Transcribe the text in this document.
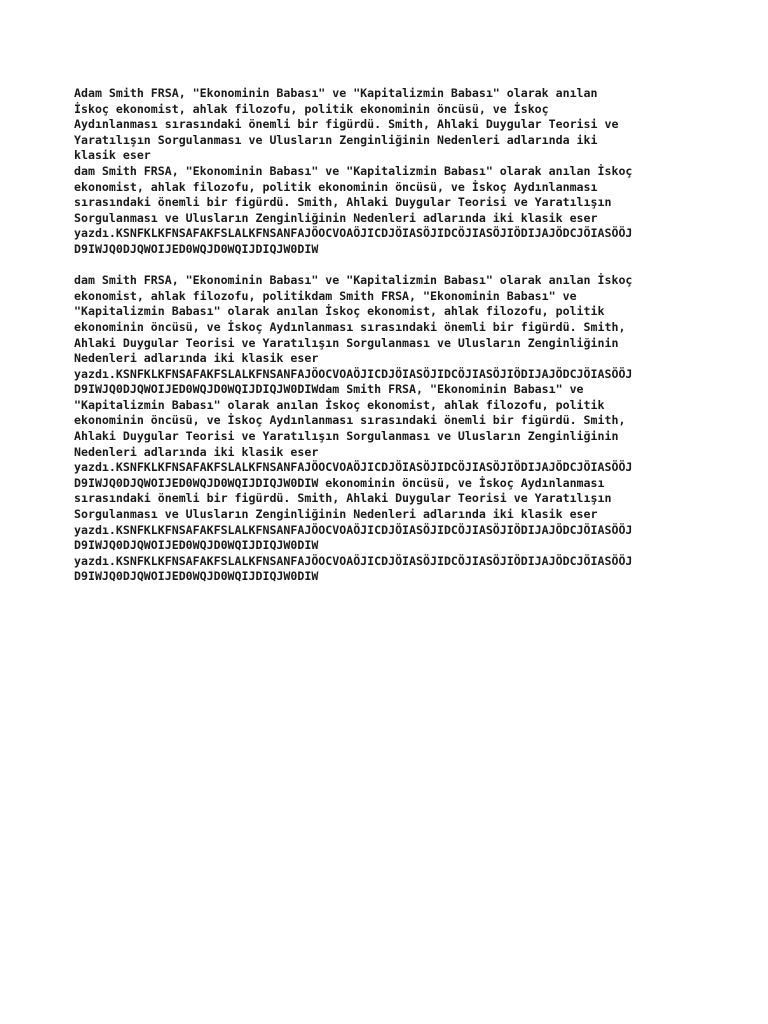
Adam Smith FRSA, "Ekonominin Babası" ve "Kapitalizmin Babası" olarak anılan
İskoç ekonomist, ahlak filozofu, politik ekonominin öncüsü, ve İskoç
Aydınlanması sırasındaki önemli bir figürdü. Smith, Ahlaki Duygular Teorisi ve
Yaratılışın Sorgulanması ve Ulusların Zenginliğinin Nedenleri adlarında iki
klasik eser
dam Smith FRSA, "Ekonominin Babası" ve "Kapitalizmin Babası" olarak anılan İskoç
ekonomist, ahlak filozofu, politik ekonominin öncüsü, ve İskoç Aydınlanması
sırasındaki önemli bir figürdü. Smith, Ahlaki Duygular Teorisi ve Yaratılışın
Sorgulanması ve Ulusların Zenginliğinin Nedenleri adlarında iki klasik eser
yazdı.KSNFKLKFNSAFAKFSLALKFNSANFAJÖOCVOAÖJICDJÖIASÖJIDCÖJIASÖJIÖDIJAJÖDCJÖIASÖÖJ
D9IWJQ0DJQWOIJED0WQJD0WQIJDIQJW0DIW
dam Smith FRSA, "Ekonominin Babası" ve "Kapitalizmin Babası" olarak anılan İskoç
ekonomist, ahlak filozofu, politikdam Smith FRSA, "Ekonominin Babası" ve
"Kapitalizmin Babası" olarak anılan İskoç ekonomist, ahlak filozofu, politik
ekonominin öncüsü, ve İskoç Aydınlanması sırasındaki önemli bir figürdü. Smith,
Ahlaki Duygular Teorisi ve Yaratılışın Sorgulanması ve Ulusların Zenginliğinin
Nedenleri adlarında iki klasik eser
yazdı.KSNFKLKFNSAFAKFSLALKFNSANFAJÖOCVOAÖJICDJÖIASÖJIDCÖJIASÖJIÖDIJAJÖDCJÖIASÖÖJ
D9IWJQ0DJQWOIJED0WQJD0WQIJDIQJW0DIWdam Smith FRSA, "Ekonominin Babası" ve
"Kapitalizmin Babası" olarak anılan İskoç ekonomist, ahlak filozofu, politik
ekonominin öncüsü, ve İskoç Aydınlanması sırasındaki önemli bir figürdü. Smith,
Ahlaki Duygular Teorisi ve Yaratılışın Sorgulanması ve Ulusların Zenginliğinin
Nedenleri adlarında iki klasik eser
yazdı.KSNFKLKFNSAFAKFSLALKFNSANFAJÖOCVOAÖJICDJÖIASÖJIDCÖJIASÖJIÖDIJAJÖDCJÖIASÖÖJ
D9IWJQ0DJQWOIJED0WQJD0WQIJDIQJW0DIW ekonominin öncüsü, ve İskoç Aydınlanması
sırasındaki önemli bir figürdü. Smith, Ahlaki Duygular Teorisi ve Yaratılışın
Sorgulanması ve Ulusların Zenginliğinin Nedenleri adlarında iki klasik eser
yazdı.KSNFKLKFNSAFAKFSLALKFNSANFAJÖOCVOAÖJICDJÖIASÖJIDCÖJIASÖJIÖDIJAJÖDCJÖIASÖÖJ
D9IWJQ0DJQWOIJED0WQJD0WQIJDIQJW0DIW
yazdı.KSNFKLKFNSAFAKFSLALKFNSANFAJÖOCVOAÖJICDJÖIASÖJIDCÖJIASÖJIÖDIJAJÖDCJÖIASÖÖJ
D9IWJQ0DJQWOIJED0WQJD0WQIJDIQJW0DIW
